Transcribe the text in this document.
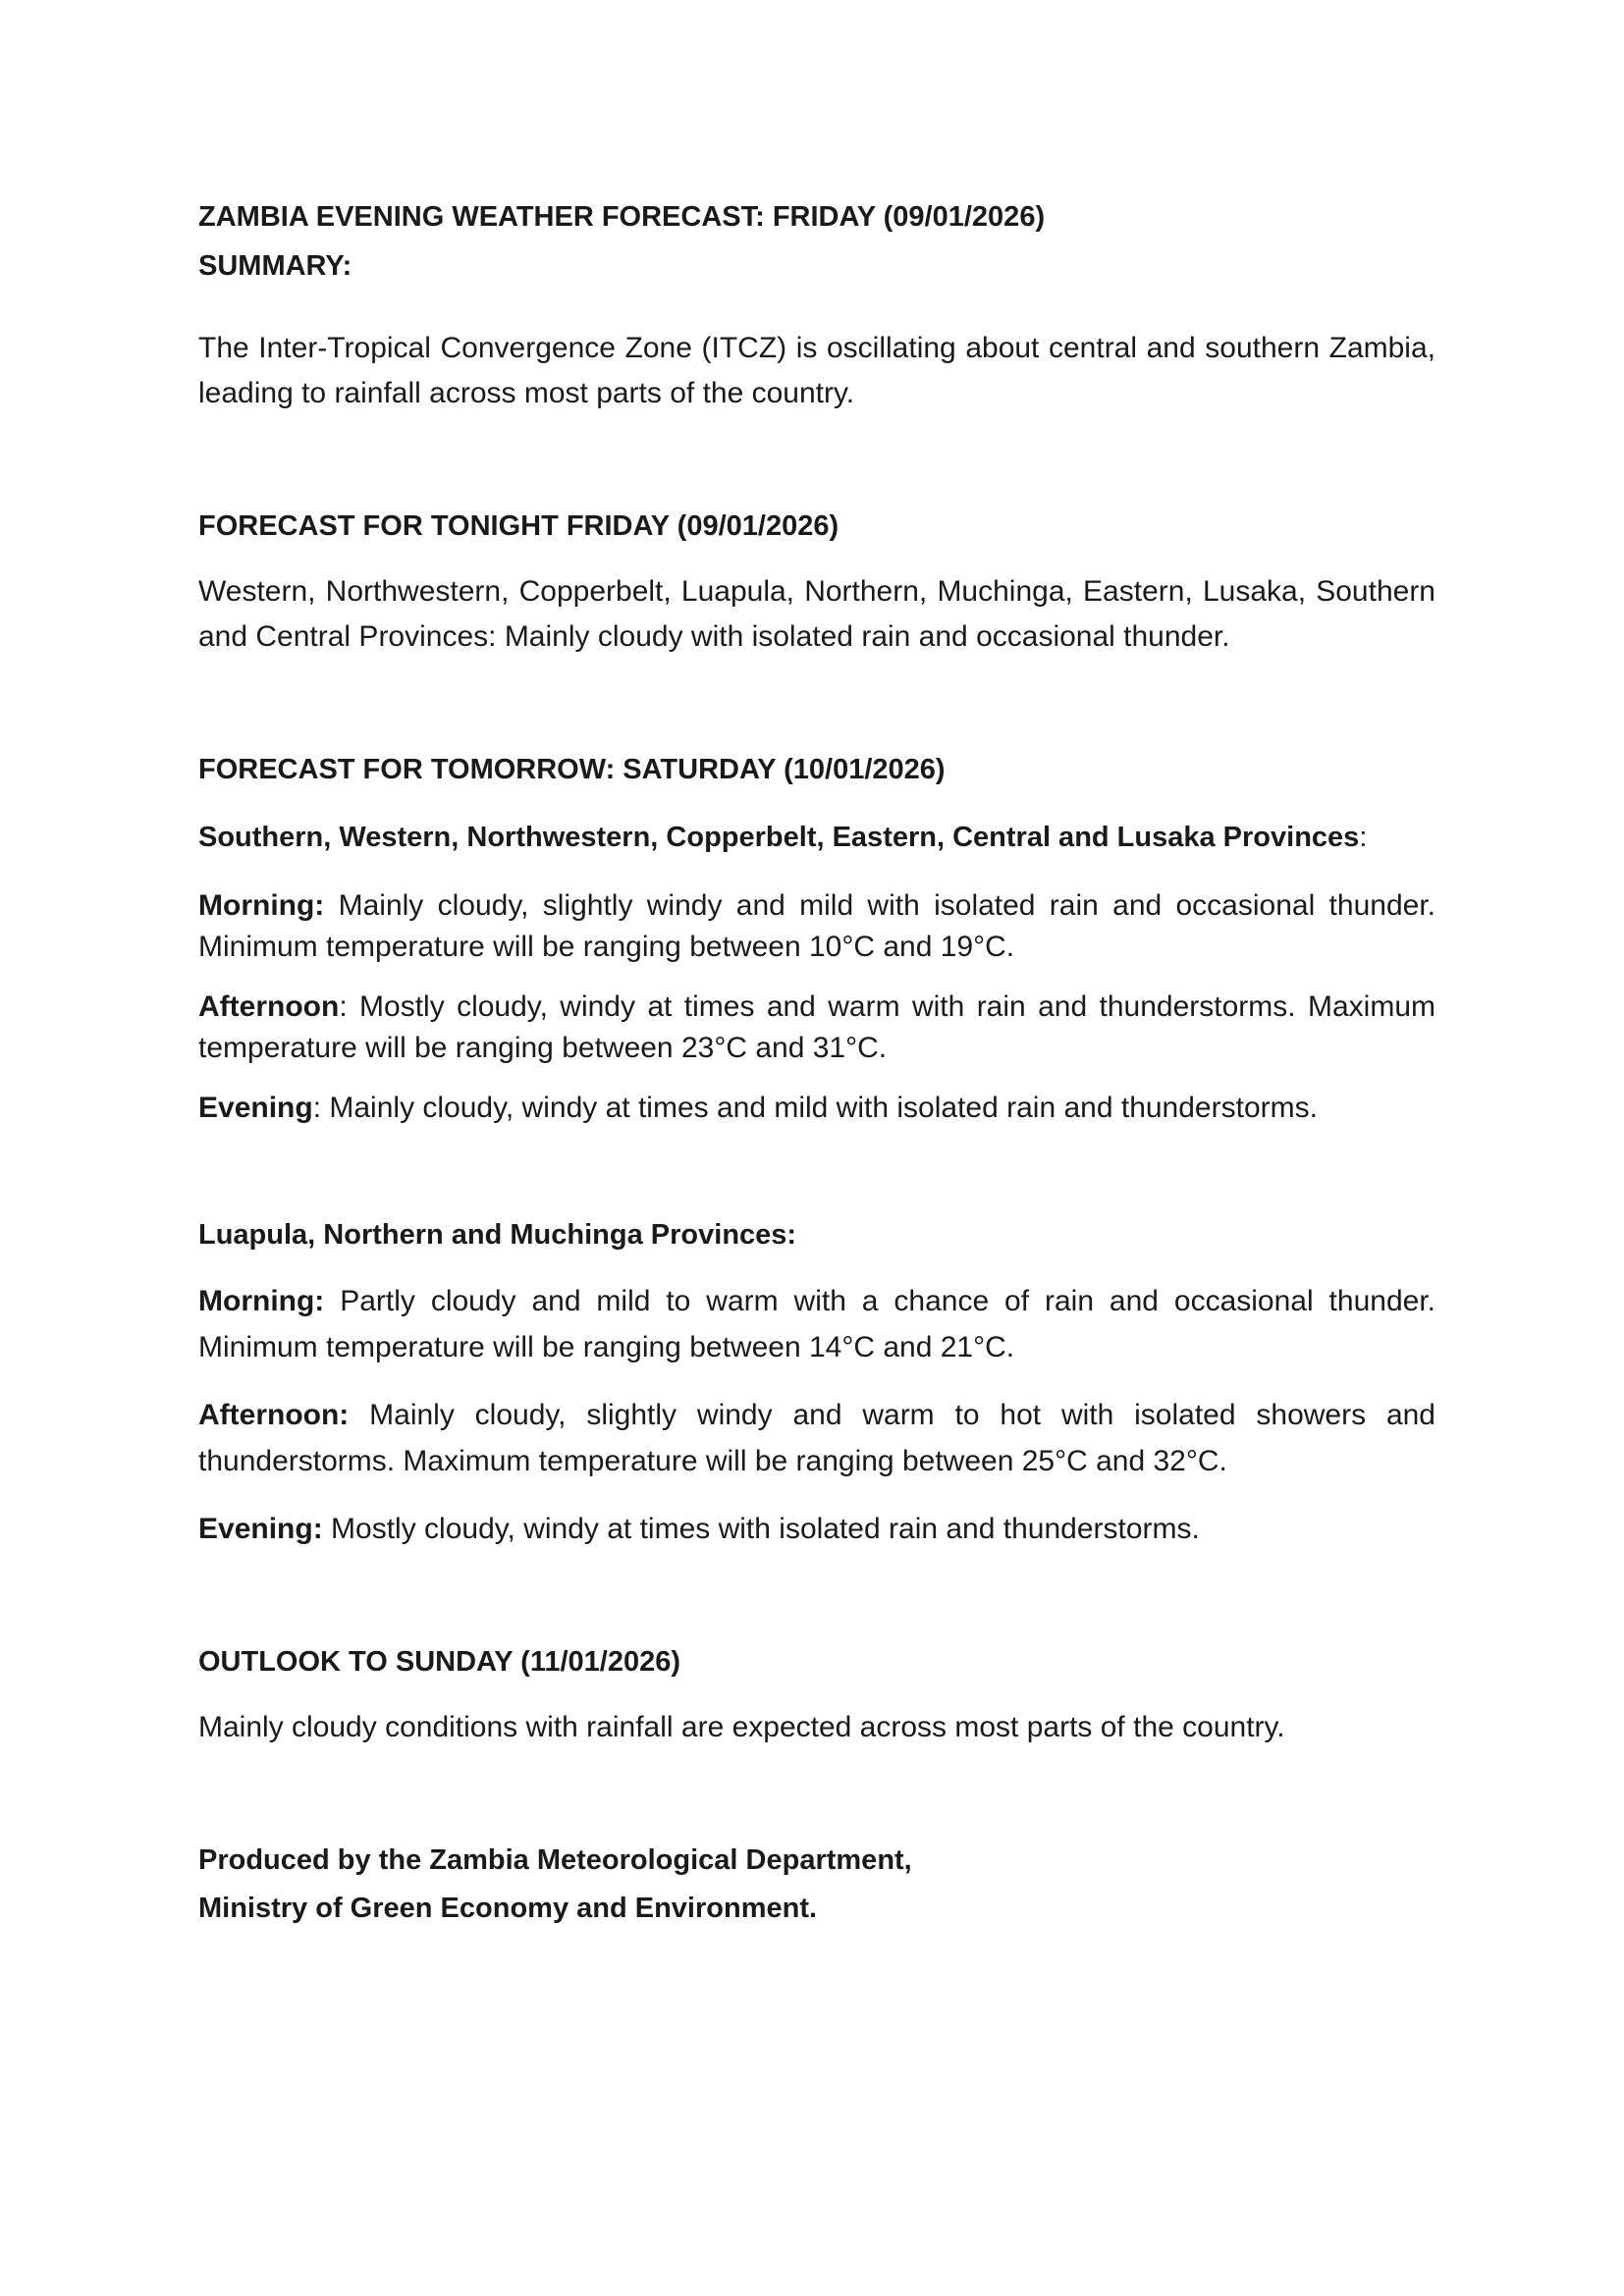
ZAMBIA EVENING WEATHER FORECAST: FRIDAY (09/01/2026)

SUMMARY:

The Inter-Tropical Convergence Zone (ITCZ) is oscillating about central and southern Zambia, leading to rainfall across most parts of the country.

FORECAST FOR TONIGHT FRIDAY (09/01/2026)

Western, Northwestern, Copperbelt, Luapula, Northern, Muchinga, Eastern, Lusaka, Southern and Central Provinces: Mainly cloudy with isolated rain and occasional thunder.

FORECAST FOR TOMORROW: SATURDAY (10/01/2026)

Southern, Western, Northwestern, Copperbelt, Eastern, Central and Lusaka Provinces:

Morning: Mainly cloudy, slightly windy and mild with isolated rain and occasional thunder. Minimum temperature will be ranging between 10°C and 19°C.

Afternoon: Mostly cloudy, windy at times and warm with rain and thunderstorms. Maximum temperature will be ranging between 23°C and 31°C.

Evening: Mainly cloudy, windy at times and mild with isolated rain and thunderstorms.

Luapula, Northern and Muchinga Provinces:

Morning: Partly cloudy and mild to warm with a chance of rain and occasional thunder. Minimum temperature will be ranging between 14°C and 21°C.

Afternoon: Mainly cloudy, slightly windy and warm to hot with isolated showers and thunderstorms. Maximum temperature will be ranging between 25°C and 32°C.

Evening: Mostly cloudy, windy at times with isolated rain and thunderstorms.

OUTLOOK TO SUNDAY (11/01/2026)

Mainly cloudy conditions with rainfall are expected across most parts of the country.

Produced by the Zambia Meteorological Department,

Ministry of Green Economy and Environment.
